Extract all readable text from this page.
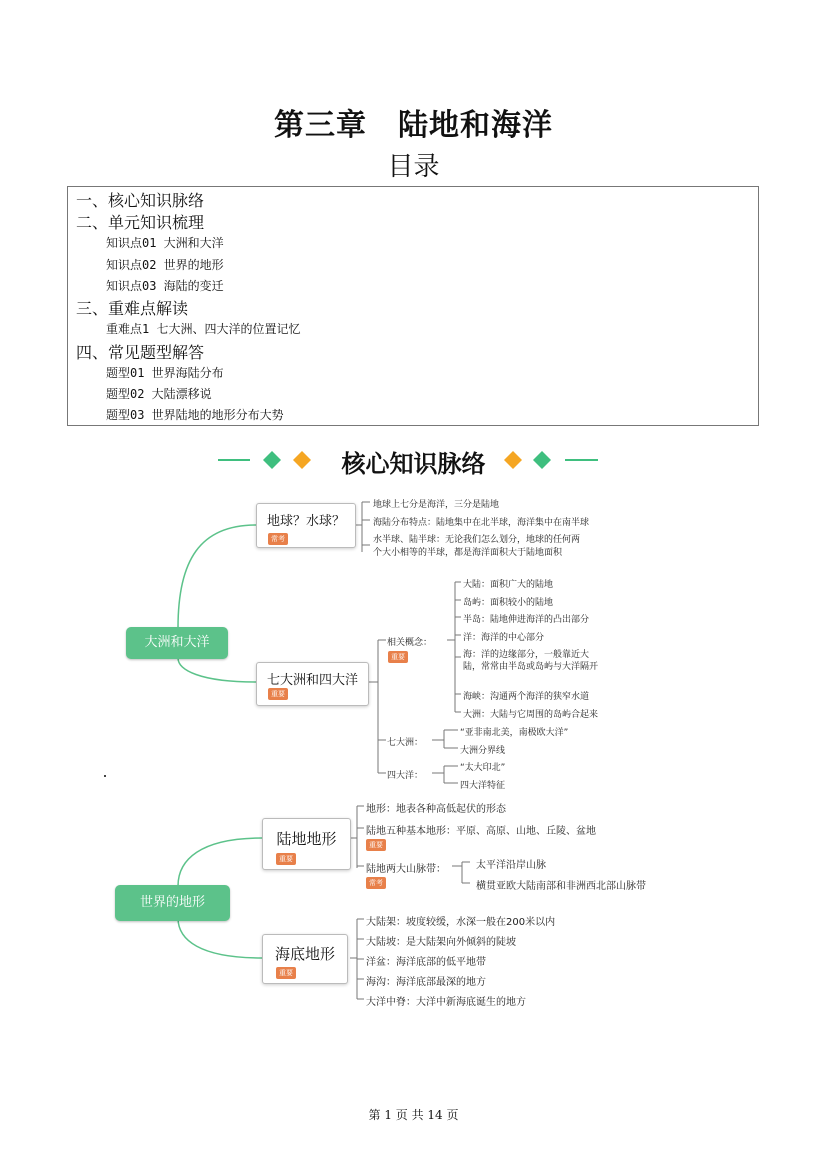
第三章　陆地和海洋
目录
一、核心知识脉络
二、单元知识梳理
知识点01 大洲和大洋
知识点02 世界的地形
知识点03 海陆的变迁
三、重难点解读
重难点1 七大洲、四大洋的位置记忆
四、常见题型解答
题型01 世界海陆分布
题型02 大陆漂移说
题型03 世界陆地的地形分布大势
核心知识脉络
大洲和大洋
地球？水球？
常考
地球上七分是海洋，三分是陆地
海陆分布特点：陆地集中在北半球，海洋集中在南半球
水半球、陆半球：无论我们怎么划分，地球的任何两
个大小相等的半球，都是海洋面积大于陆地面积
七大洲和四大洋
重要
相关概念：
重要
大陆：面积广大的陆地
岛屿：面积较小的陆地
半岛：陆地伸进海洋的凸出部分
洋：海洋的中心部分
海：洋的边缘部分，一般靠近大
陆，常常由半岛或岛屿与大洋隔开
海峡：沟通两个海洋的狭窄水道
大洲：大陆与它周围的岛屿合起来
七大洲：
“亚非南北美，南极欧大洋”
大洲分界线
四大洋：
“太大印北”
四大洋特征
世界的地形
陆地地形
重要
地形：地表各种高低起伏的形态
陆地五种基本地形：平原、高原、山地、丘陵、盆地
重要
陆地两大山脉带：
常考
太平洋沿岸山脉
横贯亚欧大陆南部和非洲西北部山脉带
海底地形
重要
大陆架：坡度较缓，水深一般在200米以内
大陆坡：是大陆架向外倾斜的陡坡
洋盆：海洋底部的低平地带
海沟：海洋底部最深的地方
大洋中脊：大洋中新海底诞生的地方
第 1 页 共 14 页
